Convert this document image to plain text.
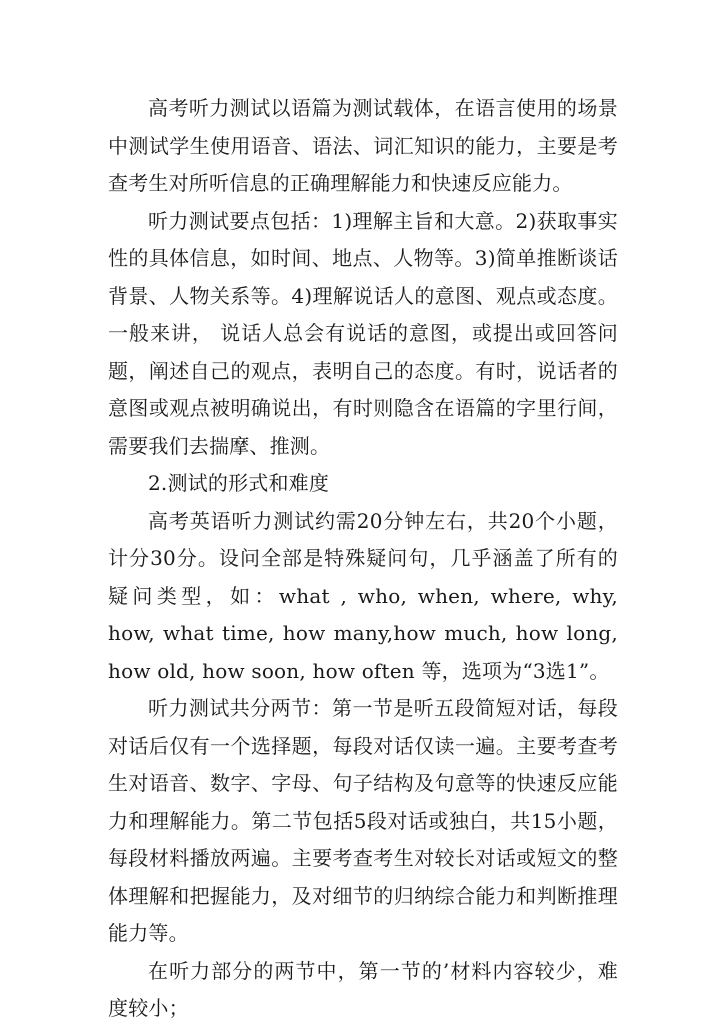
高考听力测试以语篇为测试载体，在语言使用的场景中测试学生使用语音、语法、词汇知识的能力，主要是考查考生对所听信息的正确理解能力和快速反应能力。

听力测试要点包括：1)理解主旨和大意。2)获取事实性的具体信息，如时间、地点、人物等。3)简单推断谈话背景、人物关系等。4)理解说话人的意图、观点或态度。一般来讲， 说话人总会有说话的意图，或提出或回答问题，阐述自己的观点，表明自己的态度。有时，说话者的意图或观点被明确说出，有时则隐含在语篇的字里行间，需要我们去揣摩、推测。

2.测试的形式和难度

高考英语听力测试约需20分钟左右，共20个小题，计分30分。设问全部是特殊疑问句，几乎涵盖了所有的疑问类型，如：what , who, when, where, why, how, what time, how many,how much, how long, how old, how soon, how often 等，选项为“3选1”。

听力测试共分两节：第一节是听五段简短对话，每段对话后仅有一个选择题，每段对话仅读一遍。主要考查考生对语音、数字、字母、句子结构及句意等的快速反应能力和理解能力。第二节包括5段对话或独白，共15小题，每段材料播放两遍。主要考查考生对较长对话或短文的整体理解和把握能力，及对细节的归纳综合能力和判断推理能力等。

在听力部分的两节中，第一节的’材料内容较少，难度较小；
